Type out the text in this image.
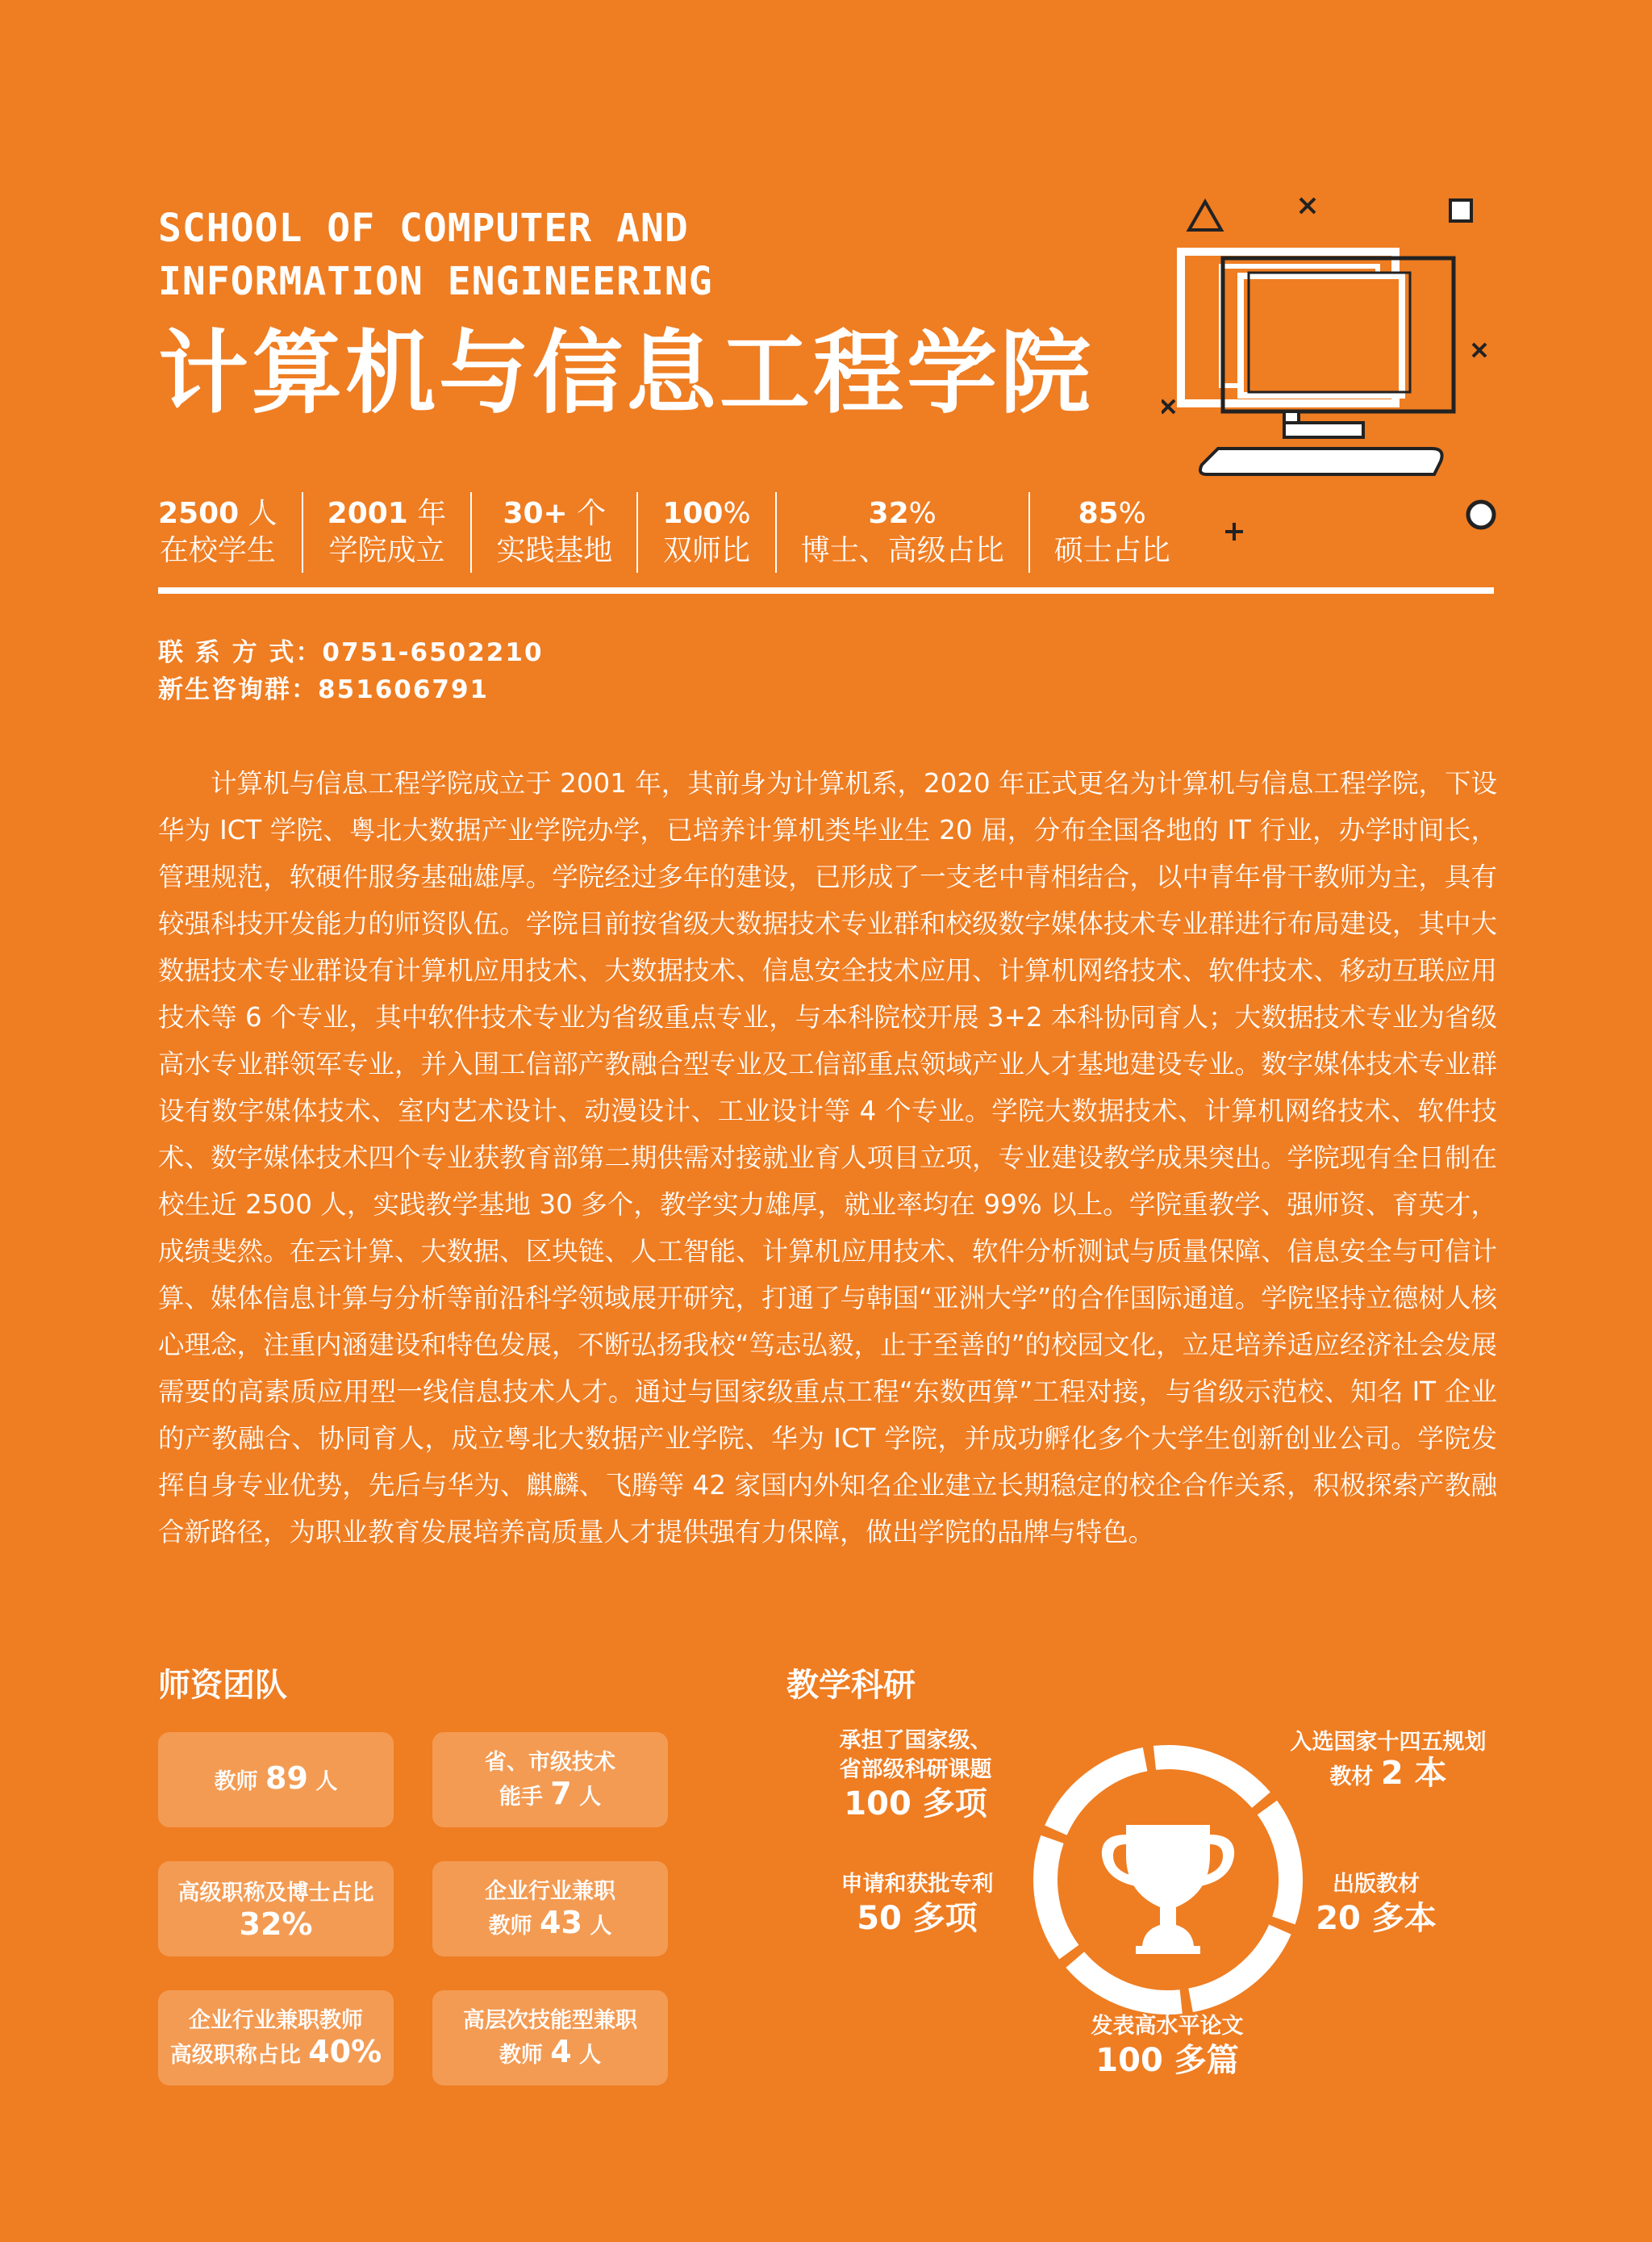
SCHOOL OF COMPUTER AND
INFORMATION ENGINEERING
计算机与信息工程学院
2500 人
在校学生
2001 年
学院成立
30+ 个
实践基地
100%
双师比
32%
博士、高级占比
85%
硕士占比
联 系 方 式：0751-6502210
新生咨询群：851606791
计算机与信息工程学院成立于 2001 年，其前身为计算机系，2020 年正式更名为计算机与信息工程学院，下设华为 ICT 学院、粤北大数据产业学院办学，已培养计算机类毕业生 20 届，分布全国各地的 IT 行业，办学时间长，管理规范，软硬件服务基础雄厚。学院经过多年的建设，已形成了一支老中青相结合，以中青年骨干教师为主，具有较强科技开发能力的师资队伍。学院目前按省级大数据技术专业群和校级数字媒体技术专业群进行布局建设，其中大数据技术专业群设有计算机应用技术、大数据技术、信息安全技术应用、计算机网络技术、软件技术、移动互联应用技术等 6 个专业，其中软件技术专业为省级重点专业，与本科院校开展 3+2 本科协同育人；大数据技术专业为省级高水专业群领军专业，并入围工信部产教融合型专业及工信部重点领域产业人才基地建设专业。数字媒体技术专业群设有数字媒体技术、室内艺术设计、动漫设计、工业设计等 4 个专业。学院大数据技术、计算机网络技术、软件技术、数字媒体技术四个专业获教育部第二期供需对接就业育人项目立项，专业建设教学成果突出。学院现有全日制在校生近 2500 人，实践教学基地 30 多个，教学实力雄厚，就业率均在 99% 以上。学院重教学、强师资、育英才，成绩斐然。在云计算、大数据、区块链、人工智能、计算机应用技术、软件分析测试与质量保障、信息安全与可信计算、媒体信息计算与分析等前沿科学领域展开研究，打通了与韩国“亚洲大学”的合作国际通道。学院坚持立德树人核心理念，注重内涵建设和特色发展，不断弘扬我校“笃志弘毅，止于至善的”的校园文化，立足培养适应经济社会发展需要的高素质应用型一线信息技术人才。通过与国家级重点工程“东数西算”工程对接，与省级示范校、知名 IT 企业的产教融合、协同育人，成立粤北大数据产业学院、华为 ICT 学院，并成功孵化多个大学生创新创业公司。学院发挥自身专业优势，先后与华为、麒麟、飞腾等 42 家国内外知名企业建立长期稳定的校企合作关系，积极探索产教融合新路径，为职业教育发展培养高质量人才提供强有力保障，做出学院的品牌与特色。
师资团队
教师 89 人
省、市级技术
能手 7 人
高级职称及博士占比
32%
企业行业兼职
教师 43 人
企业行业兼职教师
高级职称占比 40%
高层次技能型兼职
教师 4 人
教学科研
承担了国家级、
省部级科研课题
100 多项
申请和获批专利
50 多项
发表高水平论文
100 多篇
入选国家十四五规划
教材 2 本
出版教材
20 多本
